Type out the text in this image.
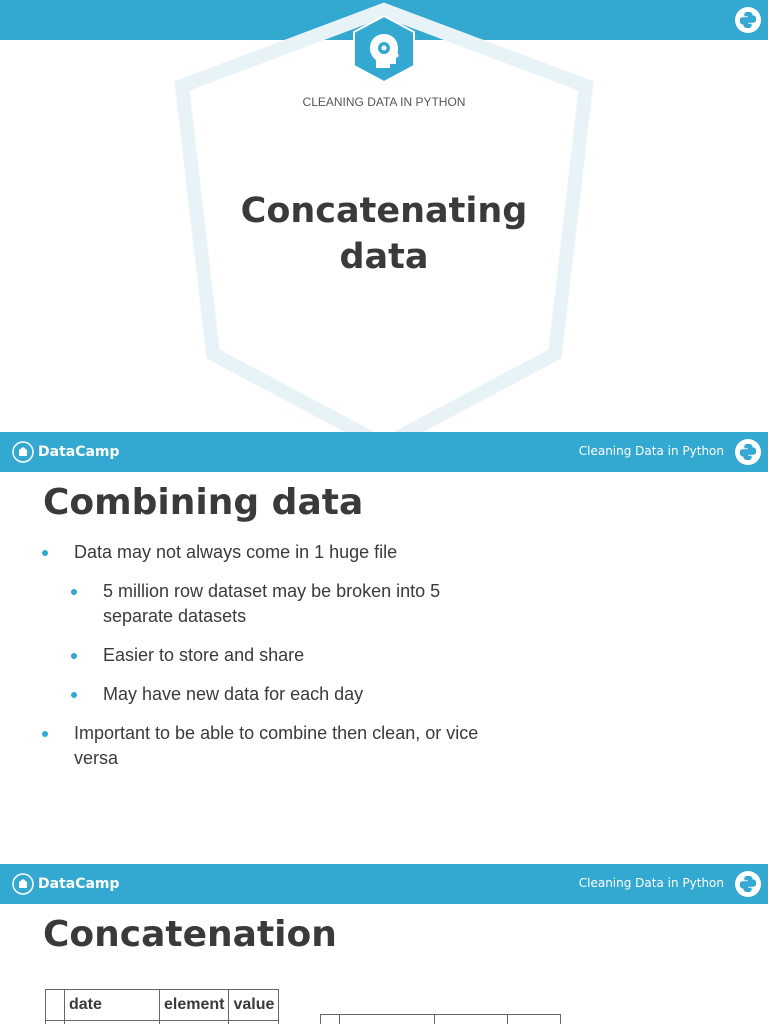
CLEANING DATA IN PYTHON
Concatenating
data
DataCamp	Cleaning Data in Python
Combining data
Data may not always come in 1 huge file
5 million row dataset may be broken into 5 separate datasets
Easier to store and share
May have new data for each day
Important to be able to combine then clean, or vice versa
DataCamp	Cleaning Data in Python
Concatenation
	date	element	value
